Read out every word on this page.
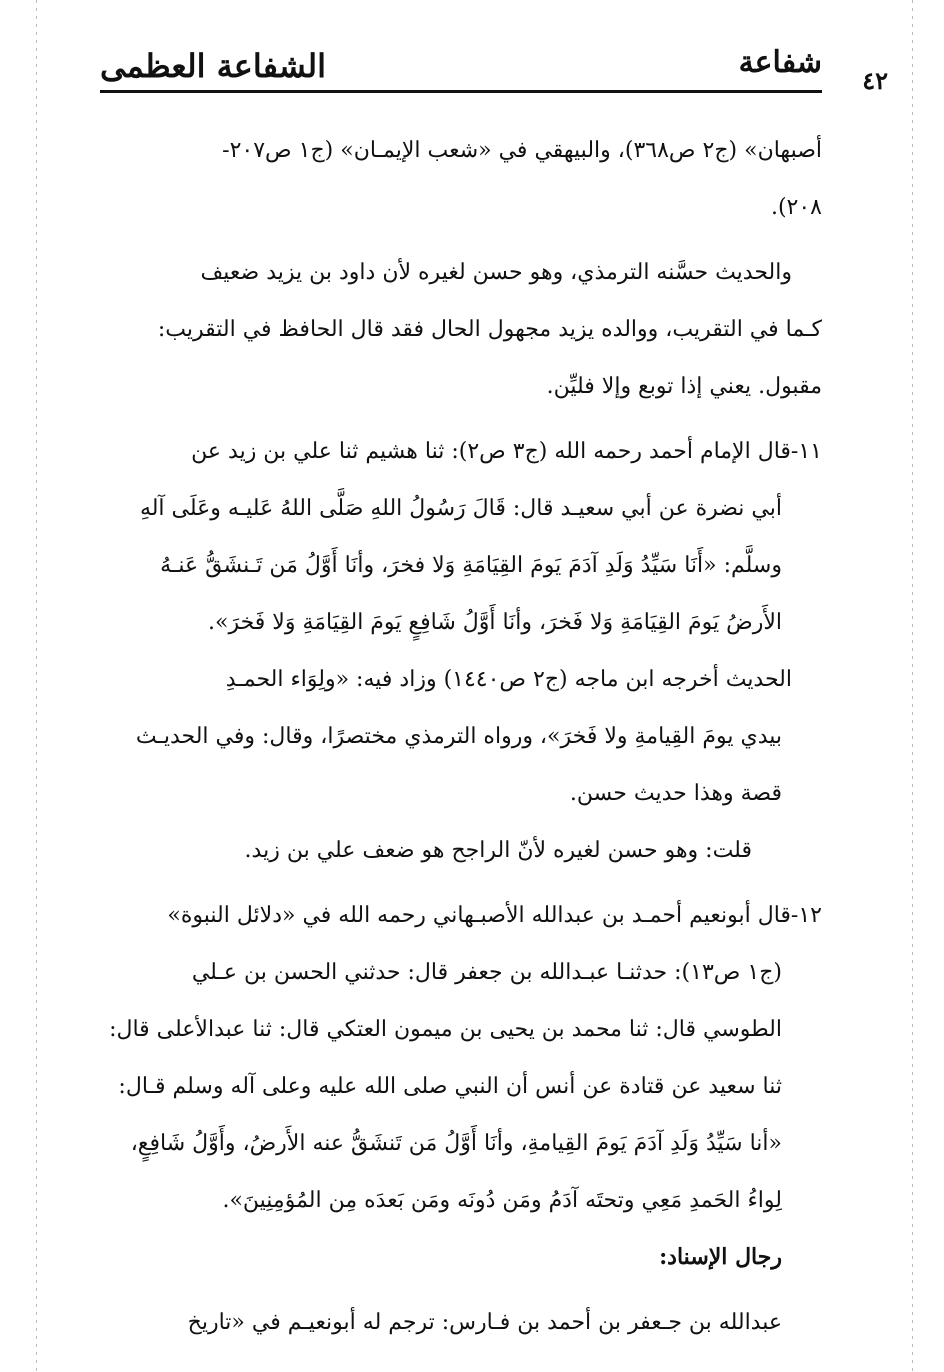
الشفاعة العظمى	شفاعة
٤٢

أصبهان» (ج٢ ص٣٦٨)، والبيهقي في «شعب الإيمـان» (ج١ ص٢٠٧-

٢٠٨).

والحديث حسَّنه الترمذي، وهو حسن لغيره لأن داود بن يزيد ضعيف

كـما في التقريب، ووالده يزيد مجهول الحال فقد قال الحافظ في التقريب:

مقبول. يعني إذا توبع وإلا فليِّن.

١١-قال الإمام أحمد رحمه الله (ج٣ ص٢): ثنا هشيم ثنا علي بن زيد عن

أبي نضرة عن أبي سعيـد قال: قَالَ رَسُولُ اللهِ صَلَّى اللهُ عَليـه وعَلَى آلهِ

وسلَّم: «أَنَا سَيِّدُ وَلَدِ آدَمَ يَومَ القِيَامَةِ وَلا فخرَ، وأنَا أَوَّلُ مَن تَـنشَقُّ عَنـهُ

الأَرضُ يَومَ القِيَامَةِ وَلا فَخرَ، وأنَا أَوَّلُ شَافِعٍ يَومَ القِيَامَةِ وَلا فَخرَ».

الحديث أخرجه ابن ماجه (ج٢ ص١٤٤٠) وزاد فيه: «ولِوَاء الحمـدِ

بيدي يومَ القِيامةِ ولا فَخرَ»، ورواه الترمذي مختصرًا، وقال: وفي الحديـث

قصة وهذا حديث حسن.

قلت: وهو حسن لغيره لأنّ الراجح هو ضعف علي بن زيد.

١٢-قال أبونعيم أحمـد بن عبدالله الأصبـهاني رحمه الله في «دلائل النبوة»

(ج١ ص١٣): حدثنـا عبـدالله بن جعفر قال: حدثني الحسن بن عـلي

الطوسي قال: ثنا محمد بن يحيى بن ميمون العتكي قال: ثنا عبدالأعلى قال:

ثنا سعيد عن قتادة عن أنس أن النبي صلى الله عليه وعلى آله وسلم قـال:

«أنا سَيِّدُ وَلَدِ آدَمَ يَومَ القِيامةِ، وأنَا أَوَّلُ مَن تَنشَقُّ عنه الأَرضُ، وأَوَّلُ شَافِعٍ،

لِواءُ الحَمدِ مَعِي وتحتَه آدَمُ ومَن دُونَه ومَن بَعدَه مِن المُؤمِنِينَ».

رجال الإسناد:

عبدالله بن جـعفر بن أحمد بن فـارس: ترجم له أبونعيـم في «تاريخ
